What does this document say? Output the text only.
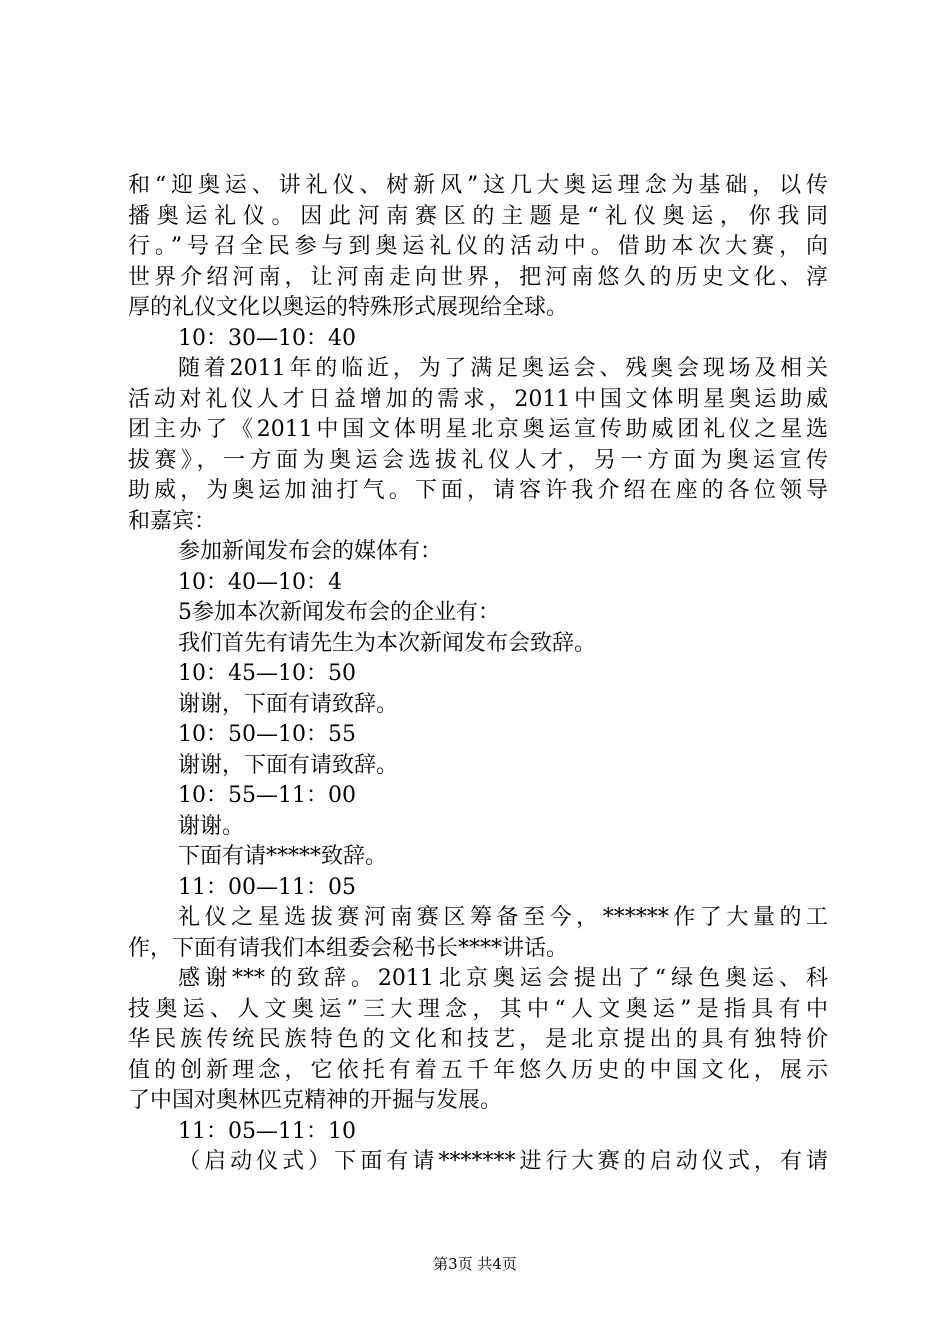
和“迎奥运、讲礼仪、树新风”这几大奥运理念为基础，以传
播奥运礼仪。因此河南赛区的主题是“礼仪奥运，你我同
行。”号召全民参与到奥运礼仪的活动中。借助本次大赛，向
世界介绍河南，让河南走向世界，把河南悠久的历史文化、淳
厚的礼仪文化以奥运的特殊形式展现给全球。
10：30—10：40
随着2011年的临近，为了满足奥运会、残奥会现场及相关
活动对礼仪人才日益增加的需求，2011中国文体明星奥运助威
团主办了《2011中国文体明星北京奥运宣传助威团礼仪之星选
拔赛》，一方面为奥运会选拔礼仪人才，另一方面为奥运宣传
助威，为奥运加油打气。下面，请容许我介绍在座的各位领导
和嘉宾：
参加新闻发布会的媒体有：
10：40—10：4
5参加本次新闻发布会的企业有：
我们首先有请先生为本次新闻发布会致辞。
10：45—10：50
谢谢，下面有请致辞。
10：50—10：55
谢谢，下面有请致辞。
10：55—11：00
谢谢。
下面有请*****致辞。
11：00—11：05
礼仪之星选拔赛河南赛区筹备至今，******作了大量的工
作，下面有请我们本组委会秘书长****讲话。
感谢***的致辞。2011北京奥运会提出了“绿色奥运、科
技奥运、人文奥运”三大理念，其中“人文奥运”是指具有中
华民族传统民族特色的文化和技艺，是北京提出的具有独特价
值的创新理念，它依托有着五千年悠久历史的中国文化，展示
了中国对奥林匹克精神的开掘与发展。
11：05—11：10
（启动仪式）下面有请*******进行大赛的启动仪式，有请
第3页 共4页
